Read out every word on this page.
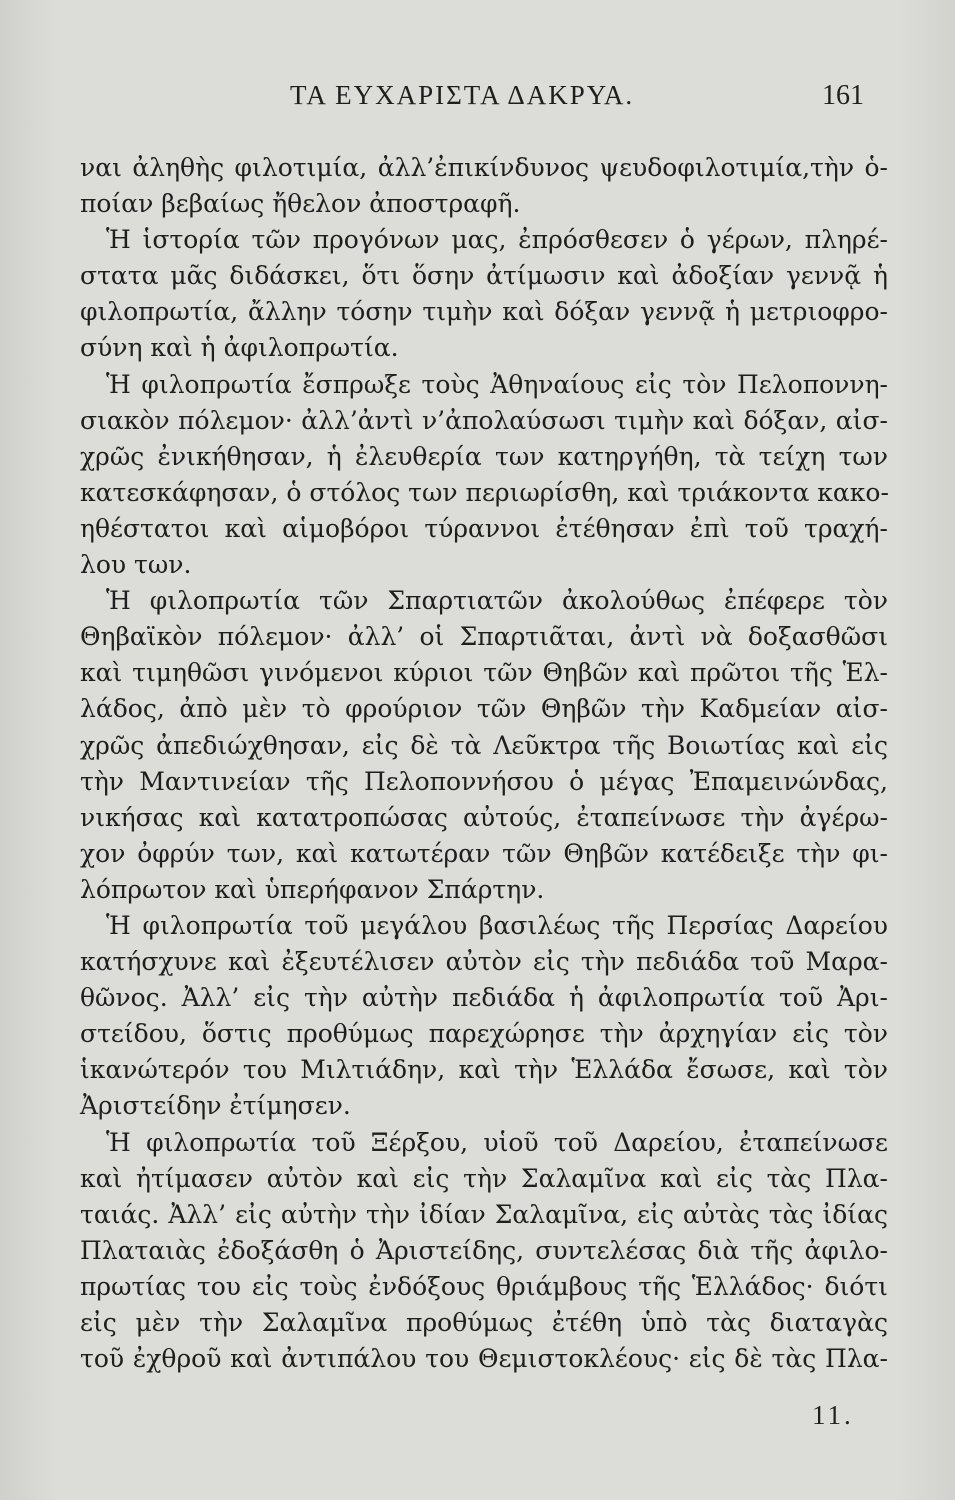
ΤΑ ΕΥΧΑΡΙΣΤΑ ΔΑΚΡΥΑ.	161
ναι ἀληθὴς φιλοτιμία, ἀλλ’ἐπικίνδυνος ψευδοφιλοτιμία,τὴν ὁ-
ποίαν βεβαίως ἤθελον ἀποστραφῆ.
Ἡ ἱστορία τῶν προγόνων μας, ἐπρόσθεσεν ὁ γέρων, πληρέ-
στατα μᾶς διδάσκει, ὅτι ὅσην ἀτίμωσιν καὶ ἀδοξίαν γεννᾷ ἡ
φιλοπρωτία, ἄλλην τόσην τιμὴν καὶ δόξαν γεννᾷ ἡ μετριοφρο-
σύνη καὶ ἡ ἀφιλοπρωτία.
Ἡ φιλοπρωτία ἔσπρωξε τοὺς Ἀθηναίους εἰς τὸν Πελοποννη-
σιακὸν πόλεμον· ἀλλ’ἀντὶ ν’ἀπολαύσωσι τιμὴν καὶ δόξαν, αἰσ-
χρῶς ἐνικήθησαν, ἡ ἐλευθερία των κατηργήθη, τὰ τείχη των
κατεσκάφησαν, ὁ στόλος των περιωρίσθη, καὶ τριάκοντα κακο-
ηθέστατοι καὶ αἱμοβόροι τύραννοι ἐτέθησαν ἐπὶ τοῦ τραχή-
λου των.
Ἡ φιλοπρωτία τῶν Σπαρτιατῶν ἀκολούθως ἐπέφερε τὸν
Θηβαϊκὸν πόλεμον· ἀλλ’ οἱ Σπαρτιᾶται, ἀντὶ νὰ δοξασθῶσι
καὶ τιμηθῶσι γινόμενοι κύριοι τῶν Θηβῶν καὶ πρῶτοι τῆς Ἑλ-
λάδος, ἀπὸ μὲν τὸ φρούριον τῶν Θηβῶν τὴν Καδμείαν αἰσ-
χρῶς ἀπεδιώχθησαν, εἰς δὲ τὰ Λεῦκτρα τῆς Βοιωτίας καὶ εἰς
τὴν Μαντινείαν τῆς Πελοποννήσου ὁ μέγας Ἐπαμεινώνδας,
νικήσας καὶ κατατροπώσας αὐτούς, ἐταπείνωσε τὴν ἀγέρω-
χον ὀφρύν των, καὶ κατωτέραν τῶν Θηβῶν κατέδειξε τὴν φι-
λόπρωτον καὶ ὑπερήφανον Σπάρτην.
Ἡ φιλοπρωτία τοῦ μεγάλου βασιλέως τῆς Περσίας Δαρείου
κατήσχυνε καὶ ἐξευτέλισεν αὐτὸν εἰς τὴν πεδιάδα τοῦ Μαρα-
θῶνος. Ἀλλ’ εἰς τὴν αὐτὴν πεδιάδα ἡ ἀφιλοπρωτία τοῦ Ἀρι-
στείδου, ὅστις προθύμως παρεχώρησε τὴν ἀρχηγίαν εἰς τὸν
ἱκανώτερόν του Μιλτιάδην, καὶ τὴν Ἑλλάδα ἔσωσε, καὶ τὸν
Ἀριστείδην ἐτίμησεν.
Ἡ φιλοπρωτία τοῦ Ξέρξου, υἱοῦ τοῦ Δαρείου, ἐταπείνωσε
καὶ ἠτίμασεν αὐτὸν καὶ εἰς τὴν Σαλαμῖνα καὶ εἰς τὰς Πλα-
ταιάς. Ἀλλ’ εἰς αὐτὴν τὴν ἰδίαν Σαλαμῖνα, εἰς αὐτὰς τὰς ἰδίας
Πλαταιὰς ἐδοξάσθη ὁ Ἀριστείδης, συντελέσας διὰ τῆς ἀφιλο-
πρωτίας του εἰς τοὺς ἐνδόξους θριάμβους τῆς Ἑλλάδος· διότι
εἰς μὲν τὴν Σαλαμῖνα προθύμως ἐτέθη ὑπὸ τὰς διαταγὰς
τοῦ ἐχθροῦ καὶ ἀντιπάλου του Θεμιστοκλέους· εἰς δὲ τὰς Πλα-
11.
